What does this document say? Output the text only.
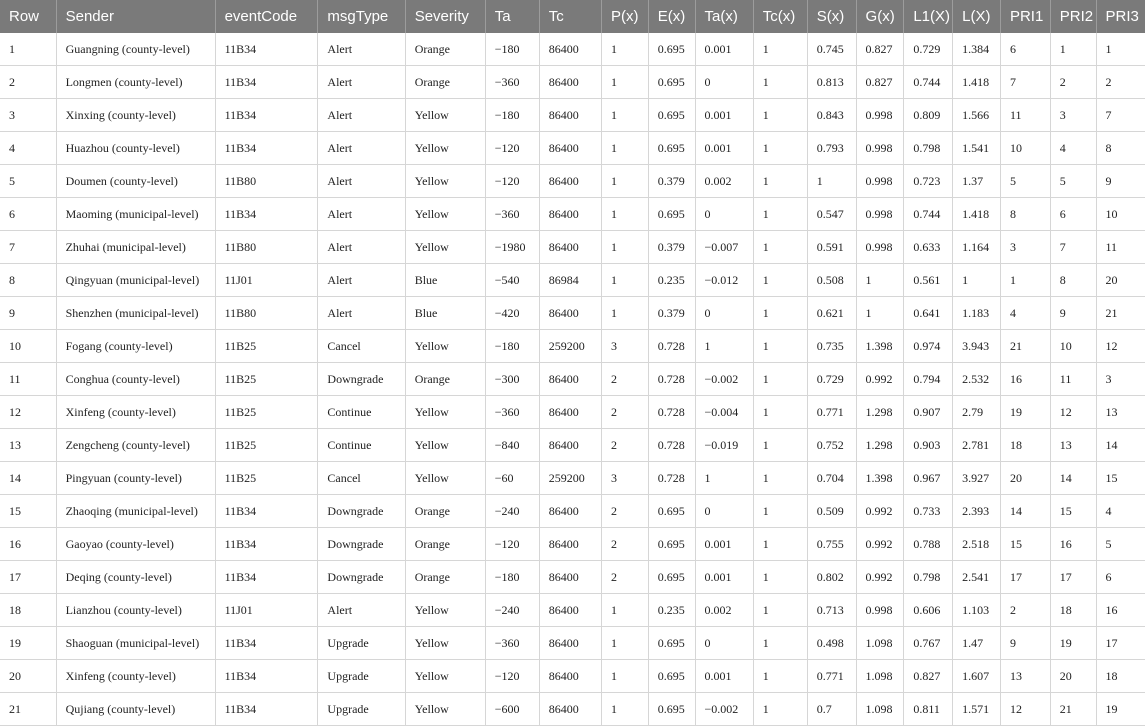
Row	Sender	eventCode	msgType	Severity	Ta	Tc	P(x)	E(x)	Ta(x)	Tc(x)	S(x)	G(x)	L1(X)	L(X)	PRI1	PRI2	PRI3
1	Guangning (county-level)	11B34	Alert	Orange	−180	86400	1	0.695	0.001	1	0.745	0.827	0.729	1.384	6	1	1
2	Longmen (county-level)	11B34	Alert	Orange	−360	86400	1	0.695	0	1	0.813	0.827	0.744	1.418	7	2	2
3	Xinxing (county-level)	11B34	Alert	Yellow	−180	86400	1	0.695	0.001	1	0.843	0.998	0.809	1.566	11	3	7
4	Huazhou (county-level)	11B34	Alert	Yellow	−120	86400	1	0.695	0.001	1	0.793	0.998	0.798	1.541	10	4	8
5	Doumen (county-level)	11B80	Alert	Yellow	−120	86400	1	0.379	0.002	1	1	0.998	0.723	1.37	5	5	9
6	Maoming (municipal-level)	11B34	Alert	Yellow	−360	86400	1	0.695	0	1	0.547	0.998	0.744	1.418	8	6	10
7	Zhuhai (municipal-level)	11B80	Alert	Yellow	−1980	86400	1	0.379	−0.007	1	0.591	0.998	0.633	1.164	3	7	11
8	Qingyuan (municipal-level)	11J01	Alert	Blue	−540	86984	1	0.235	−0.012	1	0.508	1	0.561	1	1	8	20
9	Shenzhen (municipal-level)	11B80	Alert	Blue	−420	86400	1	0.379	0	1	0.621	1	0.641	1.183	4	9	21
10	Fogang (county-level)	11B25	Cancel	Yellow	−180	259200	3	0.728	1	1	0.735	1.398	0.974	3.943	21	10	12
11	Conghua (county-level)	11B25	Downgrade	Orange	−300	86400	2	0.728	−0.002	1	0.729	0.992	0.794	2.532	16	11	3
12	Xinfeng (county-level)	11B25	Continue	Yellow	−360	86400	2	0.728	−0.004	1	0.771	1.298	0.907	2.79	19	12	13
13	Zengcheng (county-level)	11B25	Continue	Yellow	−840	86400	2	0.728	−0.019	1	0.752	1.298	0.903	2.781	18	13	14
14	Pingyuan (county-level)	11B25	Cancel	Yellow	−60	259200	3	0.728	1	1	0.704	1.398	0.967	3.927	20	14	15
15	Zhaoqing (municipal-level)	11B34	Downgrade	Orange	−240	86400	2	0.695	0	1	0.509	0.992	0.733	2.393	14	15	4
16	Gaoyao (county-level)	11B34	Downgrade	Orange	−120	86400	2	0.695	0.001	1	0.755	0.992	0.788	2.518	15	16	5
17	Deqing (county-level)	11B34	Downgrade	Orange	−180	86400	2	0.695	0.001	1	0.802	0.992	0.798	2.541	17	17	6
18	Lianzhou (county-level)	11J01	Alert	Yellow	−240	86400	1	0.235	0.002	1	0.713	0.998	0.606	1.103	2	18	16
19	Shaoguan (municipal-level)	11B34	Upgrade	Yellow	−360	86400	1	0.695	0	1	0.498	1.098	0.767	1.47	9	19	17
20	Xinfeng (county-level)	11B34	Upgrade	Yellow	−120	86400	1	0.695	0.001	1	0.771	1.098	0.827	1.607	13	20	18
21	Qujiang (county-level)	11B34	Upgrade	Yellow	−600	86400	1	0.695	−0.002	1	0.7	1.098	0.811	1.571	12	21	19
